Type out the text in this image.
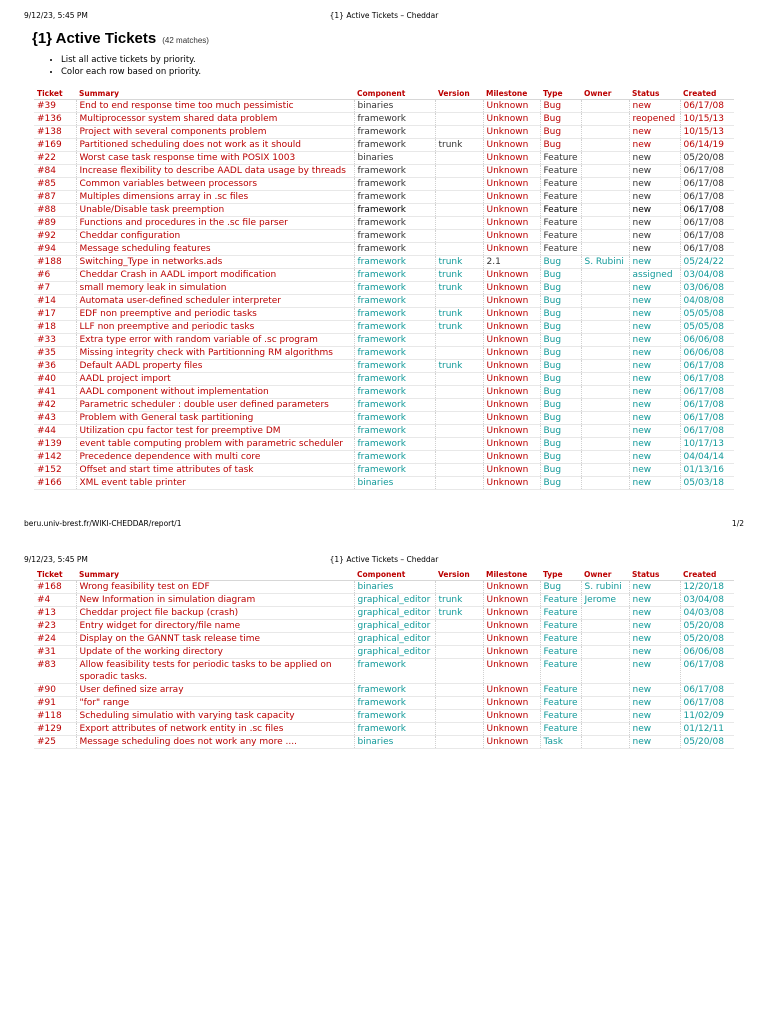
9/12/23, 5:45 PM	{1} Active Tickets – Cheddar
{1} Active Tickets (42 matches)
• List all active tickets by priority.
• Color each row based on priority.
Ticket	Summary	Component	Version	Milestone	Type	Owner	Status	Created
#39	End to end response time too much pessimistic	binaries		Unknown	Bug		new	06/17/08
#136	Multiprocessor system shared data problem	framework		Unknown	Bug		reopened	10/15/13
#138	Project with several components problem	framework		Unknown	Bug		new	10/15/13
#169	Partitioned scheduling does not work as it should	framework	trunk	Unknown	Bug		new	06/14/19
#22	Worst case task response time with POSIX 1003	binaries		Unknown	Feature		new	05/20/08
#84	Increase flexibility to describe AADL data usage by threads	framework		Unknown	Feature		new	06/17/08
#85	Common variables between processors	framework		Unknown	Feature		new	06/17/08
#87	Multiples dimensions array in .sc files	framework		Unknown	Feature		new	06/17/08
#88	Unable/Disable task preemption	framework		Unknown	Feature		new	06/17/08
#89	Functions and procedures in the .sc file parser	framework		Unknown	Feature		new	06/17/08
#92	Cheddar configuration	framework		Unknown	Feature		new	06/17/08
#94	Message scheduling features	framework		Unknown	Feature		new	06/17/08
#188	Switching_Type in networks.ads	framework	trunk	2.1	Bug	S. Rubini	new	05/24/22
#6	Cheddar Crash in AADL import modification	framework	trunk	Unknown	Bug		assigned	03/04/08
#7	small memory leak in simulation	framework	trunk	Unknown	Bug		new	03/06/08
#14	Automata user-defined scheduler interpreter	framework		Unknown	Bug		new	04/08/08
#17	EDF non preemptive and periodic tasks	framework	trunk	Unknown	Bug		new	05/05/08
#18	LLF non preemptive and periodic tasks	framework	trunk	Unknown	Bug		new	05/05/08
#33	Extra type error with random variable of .sc program	framework		Unknown	Bug		new	06/06/08
#35	Missing integrity check with Partitionning RM algorithms	framework		Unknown	Bug		new	06/06/08
#36	Default AADL property files	framework	trunk	Unknown	Bug		new	06/17/08
#40	AADL project import	framework		Unknown	Bug		new	06/17/08
#41	AADL component without implementation	framework		Unknown	Bug		new	06/17/08
#42	Parametric scheduler : double user defined parameters	framework		Unknown	Bug		new	06/17/08
#43	Problem with General task partitioning	framework		Unknown	Bug		new	06/17/08
#44	Utilization cpu factor test for preemptive DM	framework		Unknown	Bug		new	06/17/08
#139	event table computing problem with parametric scheduler	framework		Unknown	Bug		new	10/17/13
#142	Precedence dependence with multi core	framework		Unknown	Bug		new	04/04/14
#152	Offset and start time attributes of task	framework		Unknown	Bug		new	01/13/16
#166	XML event table printer	binaries		Unknown	Bug		new	05/03/18
beru.univ-brest.fr/WIKI-CHEDDAR/report/1	1/2
9/12/23, 5:45 PM	{1} Active Tickets – Cheddar
Ticket	Summary	Component	Version	Milestone	Type	Owner	Status	Created
#168	Wrong feasibility test on EDF	binaries		Unknown	Bug	S. rubini	new	12/20/18
#4	New Information in simulation diagram	graphical_editor	trunk	Unknown	Feature	Jerome	new	03/04/08
#13	Cheddar project file backup (crash)	graphical_editor	trunk	Unknown	Feature		new	04/03/08
#23	Entry widget for directory/file name	graphical_editor		Unknown	Feature		new	05/20/08
#24	Display on the GANNT task release time	graphical_editor		Unknown	Feature		new	05/20/08
#31	Update of the working directory	graphical_editor		Unknown	Feature		new	06/06/08
#83	Allow feasibility tests for periodic tasks to be applied on sporadic tasks.	framework		Unknown	Feature		new	06/17/08
#90	User defined size array	framework		Unknown	Feature		new	06/17/08
#91	"for" range	framework		Unknown	Feature		new	06/17/08
#118	Scheduling simulatio with varying task capacity	framework		Unknown	Feature		new	11/02/09
#129	Export attributes of network entity in .sc files	framework		Unknown	Feature		new	01/12/11
#25	Message scheduling does not work any more ....	binaries		Unknown	Task		new	05/20/08
